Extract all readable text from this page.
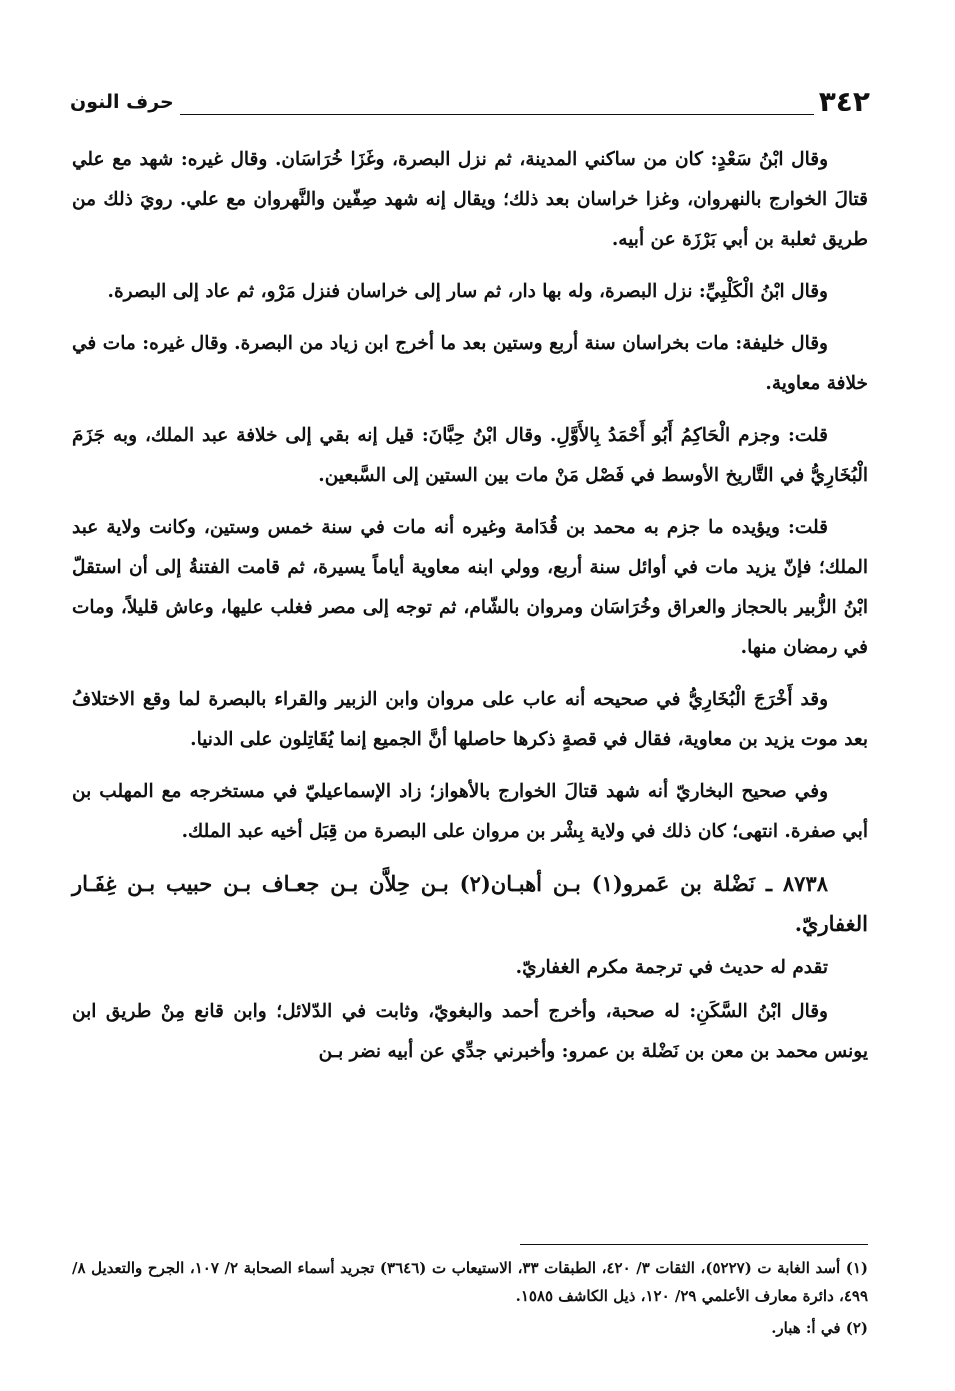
٣٤٢
حرف النون

وقال ابْنُ سَعْدٍ: كان من ساكني المدينة، ثم نزل البصرة، وغَزَا خُرَاسَان. وقال غيره: شهد مع علي قتالَ الخوارج بالنهروان، وغزا خراسان بعد ذلك؛ ويقال إنه شهد صِفّين والنَّهروان مع علي. رويَ ذلك من طريق ثعلبة بن أبي بَرْزَة عن أبيه.

وقال ابْنُ الْكَلْبِيِّ: نزل البصرة، وله بها دار، ثم سار إلى خراسان فنزل مَرْو، ثم عاد إلى البصرة.

وقال خليفة: مات بخراسان سنة أربع وستين بعد ما أخرج ابن زياد من البصرة. وقال غيره: مات في خلافة معاوية.

قلت: وجزم الْحَاكِمُ أَبُو أَحْمَدُ بِالأَوَّلِ. وقال ابْنُ حِبَّانَ: قيل إنه بقي إلى خلافة عبد الملك، وبه جَزَمَ الْبُخَارِيُّ في التَّاريخ الأوسط في فَصْل مَنْ مات بين الستين إلى السَّبعين.

قلت: ويؤيده ما جزم به محمد بن قُدَامة وغيره أنه مات في سنة خمس وستين، وكانت ولاية عبد الملك؛ فإنّ يزيد مات في أوائل سنة أربع، وولي ابنه معاوية أياماً يسيرة، ثم قامت الفتنةُ إلى أن استقلّ ابْنُ الزُّبير بالحجاز والعراق وخُرَاسَان ومروان بالشّام، ثم توجه إلى مصر فغلب عليها، وعاش قليلاً، ومات في رمضان منها.

وقد أَخْرَجَ الْبُخَارِيُّ في صحيحه أنه عاب على مروان وابن الزبير والقراء بالبصرة لما وقع الاختلافُ بعد موت يزيد بن معاوية، فقال في قصةٍ ذكرها حاصلها أنَّ الجميع إنما يُقَاتِلون على الدنيا.

وفي صحيح البخاريّ أنه شهد قتالَ الخوارج بالأهواز؛ زاد الإسماعيليّ في مستخرجه مع المهلب بن أبي صفرة. انتهى؛ كان ذلك في ولاية بِشْر بن مروان على البصرة من قِبَل أخيه عبد الملك.

٨٧٣٨ ـ نَضْلة بن عَمرو(١) بـن أهبـان(٢) بـن حِلاَّن بـن جعـاف بـن حبيب بـن غِفَـار الغفاريّ.

تقدم له حديث في ترجمة مكرم الغفاريّ.

وقال ابْنُ السَّكَنِ: له صحبة، وأخرج أحمد والبغويّ، وثابت في الدّلائل؛ وابن قانع مِنْ طريق ابن يونس محمد بن معن بن نَضْلة بن عمرو: وأخبرني جدِّي عن أبيه نضر بـن

(١) أسد الغابة ت (٥٢٢٧)، الثقات ٣/ ٤٢٠، الطبقات ٣٣، الاستيعاب ت (٣٦٤٦) تجريد أسماء الصحابة ٢/ ١٠٧، الجرح والتعديل ٨/ ٤٩٩، دائرة معارف الأعلمي ٢٩/ ١٢٠، ذيل الكاشف ١٥٨٥.

(٢) في أ: هبار.
